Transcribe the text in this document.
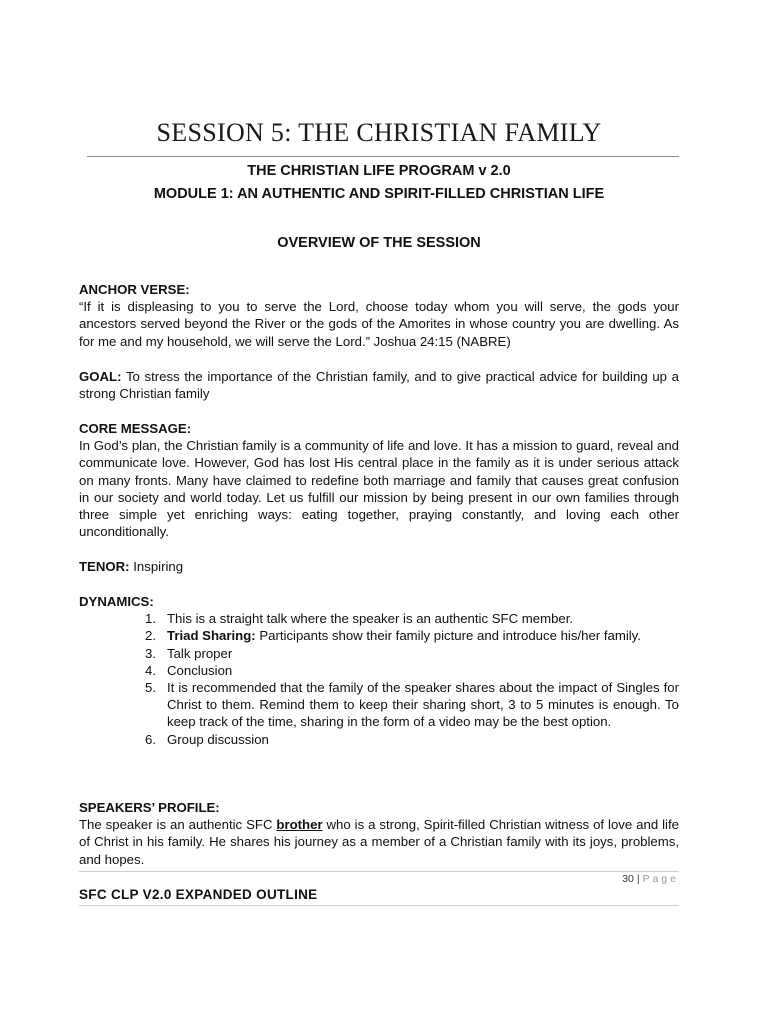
SESSION 5: THE CHRISTIAN FAMILY
THE CHRISTIAN LIFE PROGRAM v 2.0
MODULE 1: AN AUTHENTIC AND SPIRIT-FILLED CHRISTIAN LIFE
OVERVIEW OF THE SESSION

ANCHOR VERSE:

“If it is displeasing to you to serve the Lord, choose today whom you will serve, the gods your ancestors served beyond the River or the gods of the Amorites in whose country you are dwelling. As for me and my household, we will serve the Lord.” Joshua 24:15 (NABRE)

GOAL: To stress the importance of the Christian family, and to give practical advice for building up a strong Christian family

CORE MESSAGE:

In God’s plan, the Christian family is a community of life and love. It has a mission to guard, reveal and communicate love. However, God has lost His central place in the family as it is under serious attack on many fronts. Many have claimed to redefine both marriage and family that causes great confusion in our society and world today. Let us fulfill our mission by being present in our own families through three simple yet enriching ways: eating together, praying constantly, and loving each other unconditionally.

TENOR: Inspiring

DYNAMICS:

1. This is a straight talk where the speaker is an authentic SFC member.
2. Triad Sharing: Participants show their family picture and introduce his/her family.
3. Talk proper
4. Conclusion
5. It is recommended that the family of the speaker shares about the impact of Singles for Christ to them. Remind them to keep their sharing short, 3 to 5 minutes is enough. To keep track of the time, sharing in the form of a video may be the best option.
6. Group discussion

SPEAKERS’ PROFILE:

The speaker is an authentic SFC brother who is a strong, Spirit-filled Christian witness of love and life of Christ in his family. He shares his journey as a member of a Christian family with its joys, problems, and hopes.

30 | Page
SFC CLP V2.0 EXPANDED OUTLINE
